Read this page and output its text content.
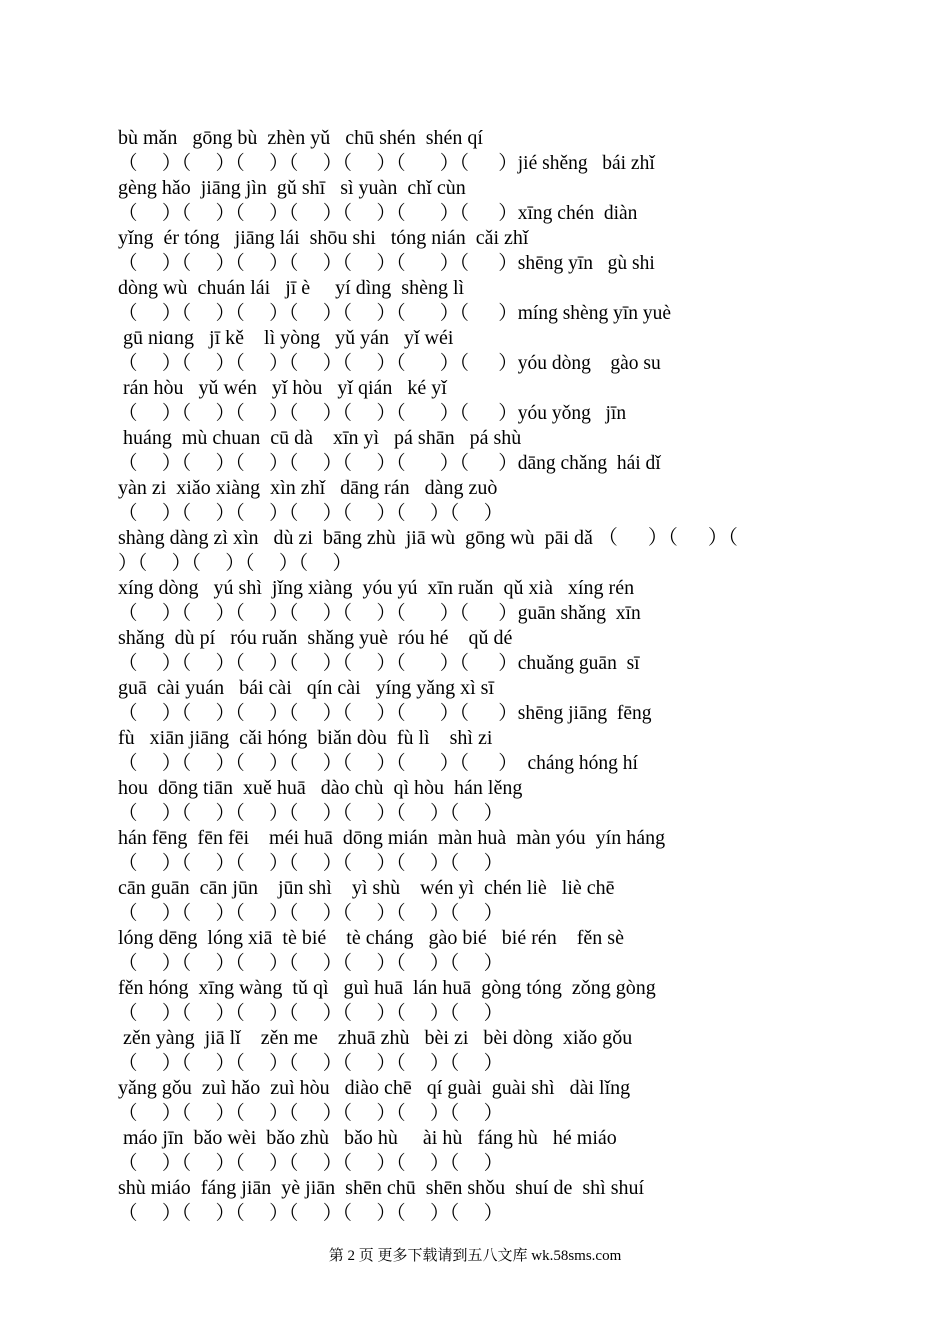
bù mǎn   gōng bù  zhèn yǔ   chū shén  shén qí
（     ）（     ）（     ）（     ）（     ）（       ）（      ）jié shěng   bái zhǐ
gèng hǎo  jiāng jìn  gǔ shī   sì yuàn  chǐ cùn
（     ）（     ）（     ）（     ）（     ）（       ）（      ）xīng chén  diàn
yǐng  ér tóng   jiāng lái  shōu shi   tóng nián  cǎi zhǐ
（     ）（     ）（     ）（     ）（     ）（       ）（      ）shēng yīn   gù shi
dòng wù  chuán lái   jī è     yí dìng  shèng lì
（     ）（     ）（     ）（     ）（     ）（       ）（      ）míng shèng yīn yuè
gū niɑng   jī kě    lì yòng   yǔ yán   yǐ wéi
（     ）（     ）（     ）（     ）（     ）（       ）（      ）yóu dòng    gào su
rán hòu   yǔ wén   yǐ hòu   yǐ qián   ké yǐ
（     ）（     ）（     ）（     ）（     ）（       ）（      ）yóu yǒng   jīn
huáng  mù chuan  cū dà    xīn yì   pá shān   pá shù
（     ）（     ）（     ）（     ）（     ）（       ）（      ）dāng chǎng  hái dǐ
yàn zi  xiǎo xiàng  xìn zhǐ   dāng rán   dàng zuò
（     ）（     ）（     ）（     ）（     ）（     ）（     ）
shàng dàng zì xìn   dù zi  bāng zhù  jiā wù  gōng wù  pāi dǎ （      ）（      ）（
）（     ）（     ）（     ）（     ）
xíng dòng   yú shì  jǐng xiàng  yóu yú  xīn ruǎn  qǔ xià   xíng rén
（     ）（     ）（     ）（     ）（     ）（       ）（      ）guān shǎng  xīn
shǎng  dù pí   róu ruǎn  shǎng yuè  róu hé    qǔ dé
（     ）（     ）（     ）（     ）（     ）（       ）（      ）chuǎng guān  sī
guā  cài yuán   bái cài   qín cài   yíng yǎng xì sī
（     ）（     ）（     ）（     ）（     ）（       ）（      ）shēng jiāng  fēng
fù   xiān jiāng  cǎi hóng  biǎn dòu  fù lì    shì zi
（     ）（     ）（     ）（     ）（     ）（       ）（      ）  cháng hóng hí
hou  dōng tiān  xuě huā   dào chù  qì hòu  hán lěng
（     ）（     ）（     ）（     ）（     ）（     ）（     ）
hán fēng  fēn fēi    méi huā  dōng mián  màn huà  màn yóu  yín háng
（     ）（     ）（     ）（     ）（     ）（     ）（     ）
cān guān  cān jūn    jūn shì    yì shù    wén yì  chén liè   liè chē
（     ）（     ）（     ）（     ）（     ）（     ）（     ）
lóng dēng  lóng xiā  tè bié    tè cháng   gào bié   bié rén    fěn sè
（     ）（     ）（     ）（     ）（     ）（     ）（     ）
fěn hóng  xīng wàng  tǔ qì   guì huā  lán huā  gòng tóng  zǒng gòng
（     ）（     ）（     ）（     ）（     ）（     ）（     ）
zěn yàng  jiā lǐ    zěn me    zhuā zhù   bèi zi   bèi dòng  xiǎo gǒu
（     ）（     ）（     ）（     ）（     ）（     ）（     ）
yǎng gǒu  zuì hǎo  zuì hòu   diào chē   qí guài  guài shì   dài lǐng
（     ）（     ）（     ）（     ）（     ）（     ）（     ）
máo jīn  bǎo wèi  bǎo zhù   bǎo hù     ài hù   fáng hù   hé miáo
（     ）（     ）（     ）（     ）（     ）（     ）（     ）
shù miáo  fáng jiān  yè jiān  shēn chū  shēn shǒu  shuí de  shì shuí
（     ）（     ）（     ）（     ）（     ）（     ）（     ）
第 2 页 更多下载请到五八文库 wk.58sms.com
